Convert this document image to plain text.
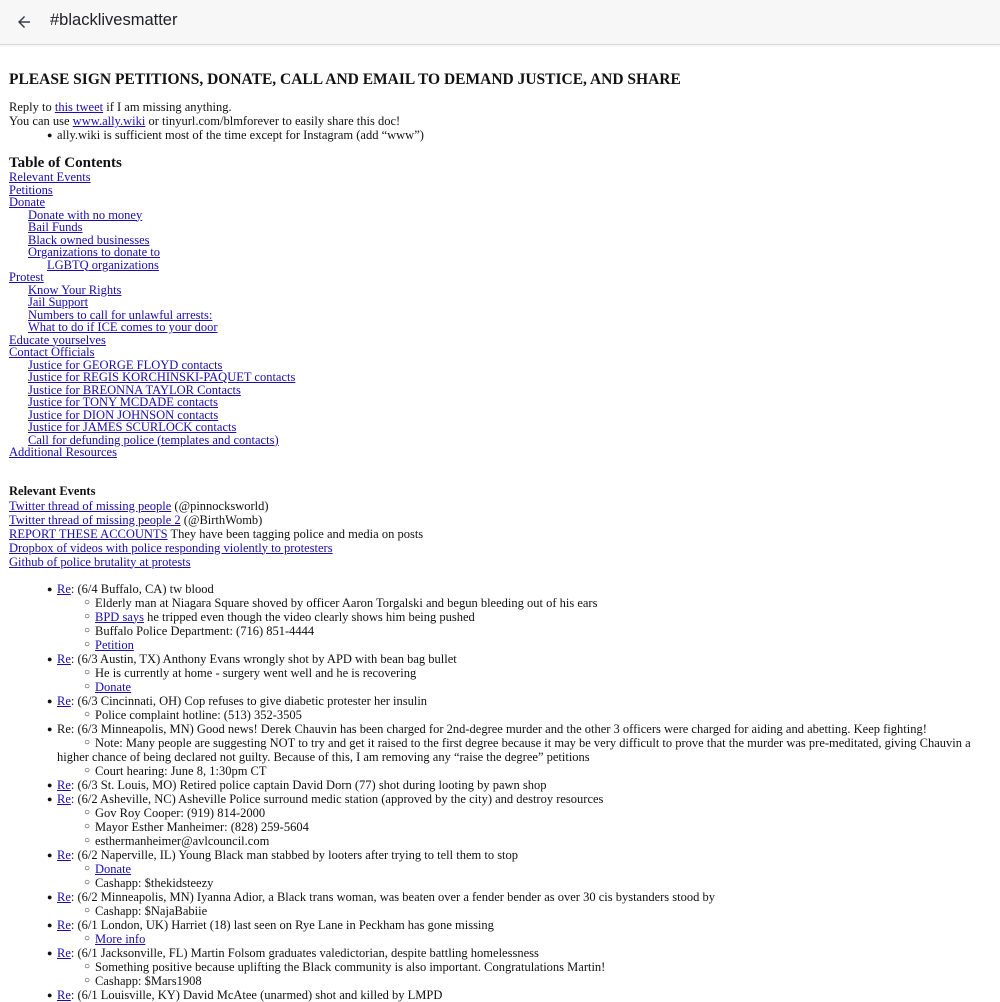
#blacklivesmatter
PLEASE SIGN PETITIONS, DONATE, CALL AND EMAIL TO DEMAND JUSTICE, AND SHARE
Reply to this tweet if I am missing anything.
You can use www.ally.wiki or tinyurl.com/blmforever to easily share this doc!
● ally.wiki is sufficient most of the time except for Instagram (add “www”)
Table of Contents
Relevant Events
Petitions
Donate
Donate with no money
Bail Funds
Black owned businesses
Organizations to donate to
LGBTQ organizations
Protest
Know Your Rights
Jail Support
Numbers to call for unlawful arrests:
What to do if ICE comes to your door
Educate yourselves
Contact Officials
Justice for GEORGE FLOYD contacts
Justice for REGIS KORCHINSKI-PAQUET contacts
Justice for BREONNA TAYLOR Contacts
Justice for TONY MCDADE contacts
Justice for DION JOHNSON contacts
Justice for JAMES SCURLOCK contacts
Call for defunding police (templates and contacts)
Additional Resources
Relevant Events
Twitter thread of missing people (@pinnocksworld)
Twitter thread of missing people 2 (@BirthWomb)
REPORT THESE ACCOUNTS They have been tagging police and media on posts
Dropbox of videos with police responding violently to protesters
Github of police brutality at protests
● Re: (6/4 Buffalo, CA) tw blood
○ Elderly man at Niagara Square shoved by officer Aaron Torgalski and begun bleeding out of his ears
○ BPD says he tripped even though the video clearly shows him being pushed
○ Buffalo Police Department: (716) 851-4444
○ Petition
● Re: (6/3 Austin, TX) Anthony Evans wrongly shot by APD with bean bag bullet
○ He is currently at home - surgery went well and he is recovering
○ Donate
● Re: (6/3 Cincinnati, OH) Cop refuses to give diabetic protester her insulin
○ Police complaint hotline: (513) 352-3505
● Re: (6/3 Minneapolis, MN) Good news! Derek Chauvin has been charged for 2nd-degree murder and the other 3 officers were charged for aiding and abetting. Keep fighting!
○ Note: Many people are suggesting NOT to try and get it raised to the first degree because it may be very difficult to prove that the murder was pre-meditated, giving Chauvin a higher chance of being declared not guilty. Because of this, I am removing any “raise the degree” petitions
○ Court hearing: June 8, 1:30pm CT
● Re: (6/3 St. Louis, MO) Retired police captain David Dorn (77) shot during looting by pawn shop
● Re: (6/2 Asheville, NC) Asheville Police surround medic station (approved by the city) and destroy resources
○ Gov Roy Cooper: (919) 814-2000
○ Mayor Esther Manheimer: (828) 259-5604
○ esthermanheimer@avlcouncil.com
● Re: (6/2 Naperville, IL) Young Black man stabbed by looters after trying to tell them to stop
○ Donate
○ Cashapp: $thekidsteezy
● Re: (6/2 Minneapolis, MN) Iyanna Adior, a Black trans woman, was beaten over a fender bender as over 30 cis bystanders stood by
○ Cashapp: $NajaBabiie
● Re: (6/1 London, UK) Harriet (18) last seen on Rye Lane in Peckham has gone missing
○ More info
● Re: (6/1 Jacksonville, FL) Martin Folsom graduates valedictorian, despite battling homelessness
○ Something positive because uplifting the Black community is also important. Congratulations Martin!
○ Cashapp: $Mars1908
● Re: (6/1 Louisville, KY) David McAtee (unarmed) shot and killed by LMPD
